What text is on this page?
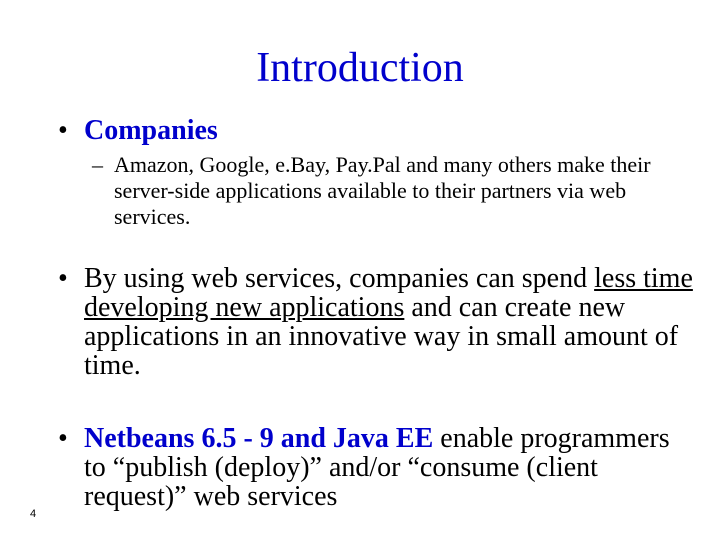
Introduction
• Companies
– Amazon, Google, e.Bay, Pay.Pal and many others make their server-side applications available to their partners via web services.
• By using web services, companies can spend less time developing new applications and can create new applications in an innovative way in small amount of time.
• Netbeans 6.5 - 9 and Java EE enable programmers to “publish (deploy)” and/or “consume (client request)” web services
4
